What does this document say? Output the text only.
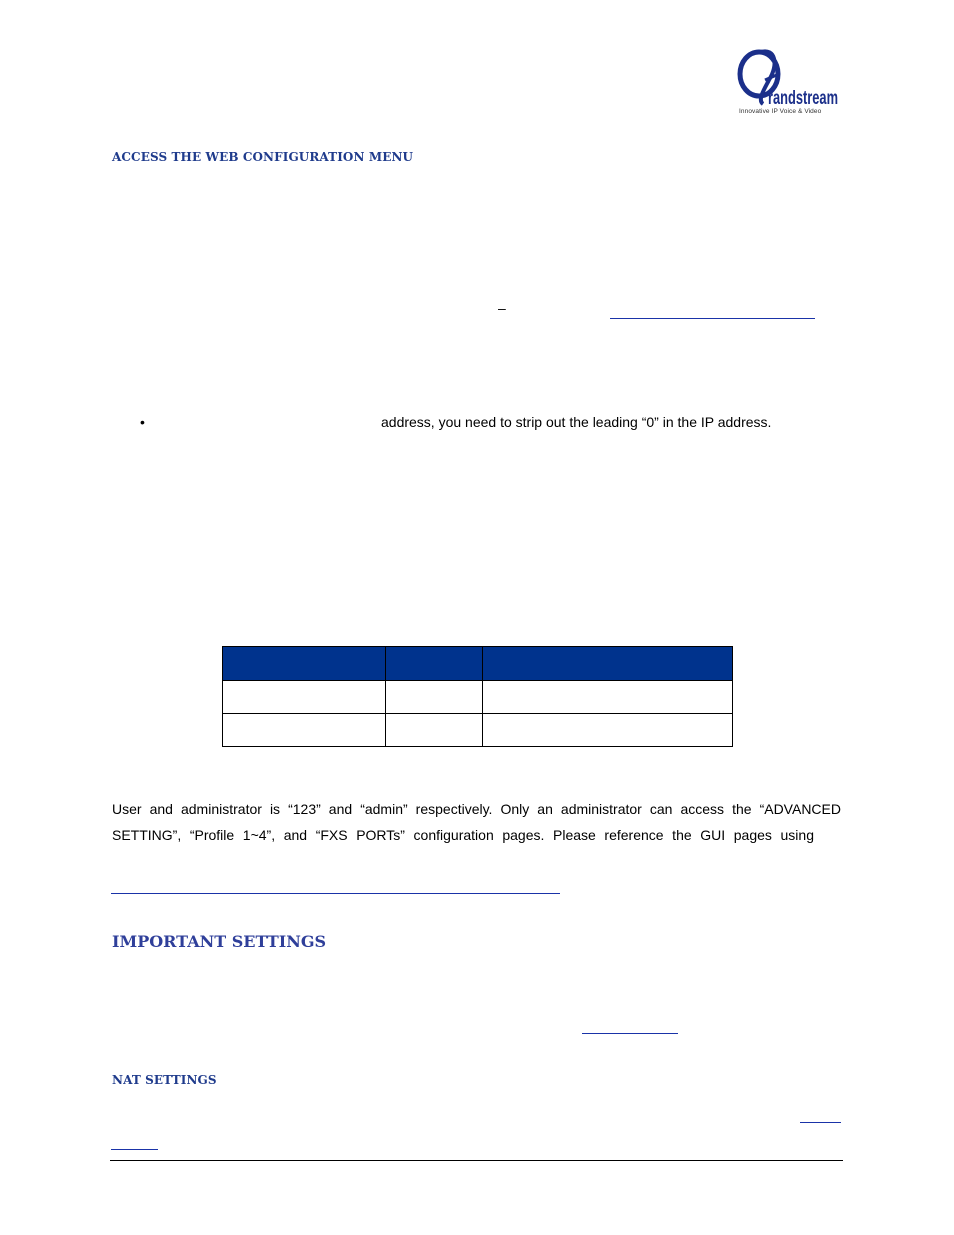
randstream
Innovative IP Voice & Video
ACCESS THE WEB CONFIGURATION MENU
–
•	address, you need to strip out the leading “0” in the IP address.

User and administrator is “123” and “admin” respectively. Only an administrator can access the “ADVANCED
SETTING”, “Profile 1~4”, and “FXS PORTs” configuration pages. Please reference the GUI pages using
IMPORTANT SETTINGS
NAT SETTINGS
